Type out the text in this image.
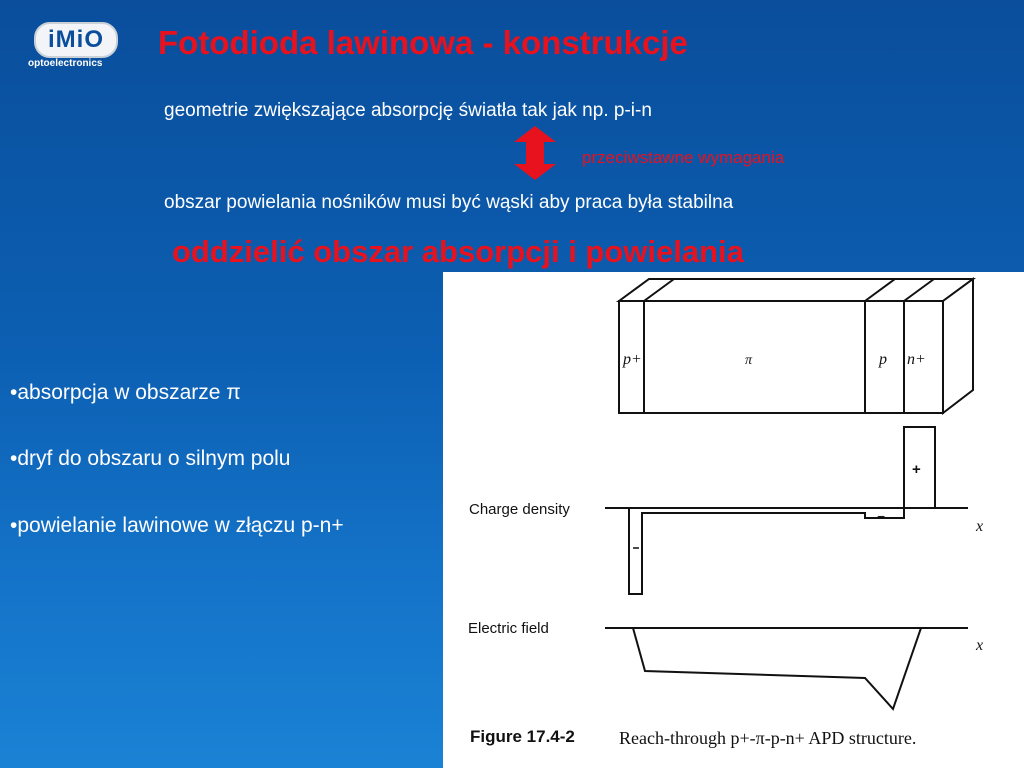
iMiO
optoelectronics
Fotodioda lawinowa - konstrukcje
geometrie zwiększające absorpcję światła tak jak np. p-i-n
przeciwstawne wymagania
obszar powielania nośników musi być wąski aby praca była stabilna
oddzielić obszar absorpcji i powielania
•absorpcja w obszarze π
•dryf do obszaru o silnym polu
•powielanie lawinowe w złączu p-n+
p+	π	p n+
Charge density
+
−
x
Electric field
x
Figure 17.4-2 Reach-through p+-π-p-n+ APD structure.
